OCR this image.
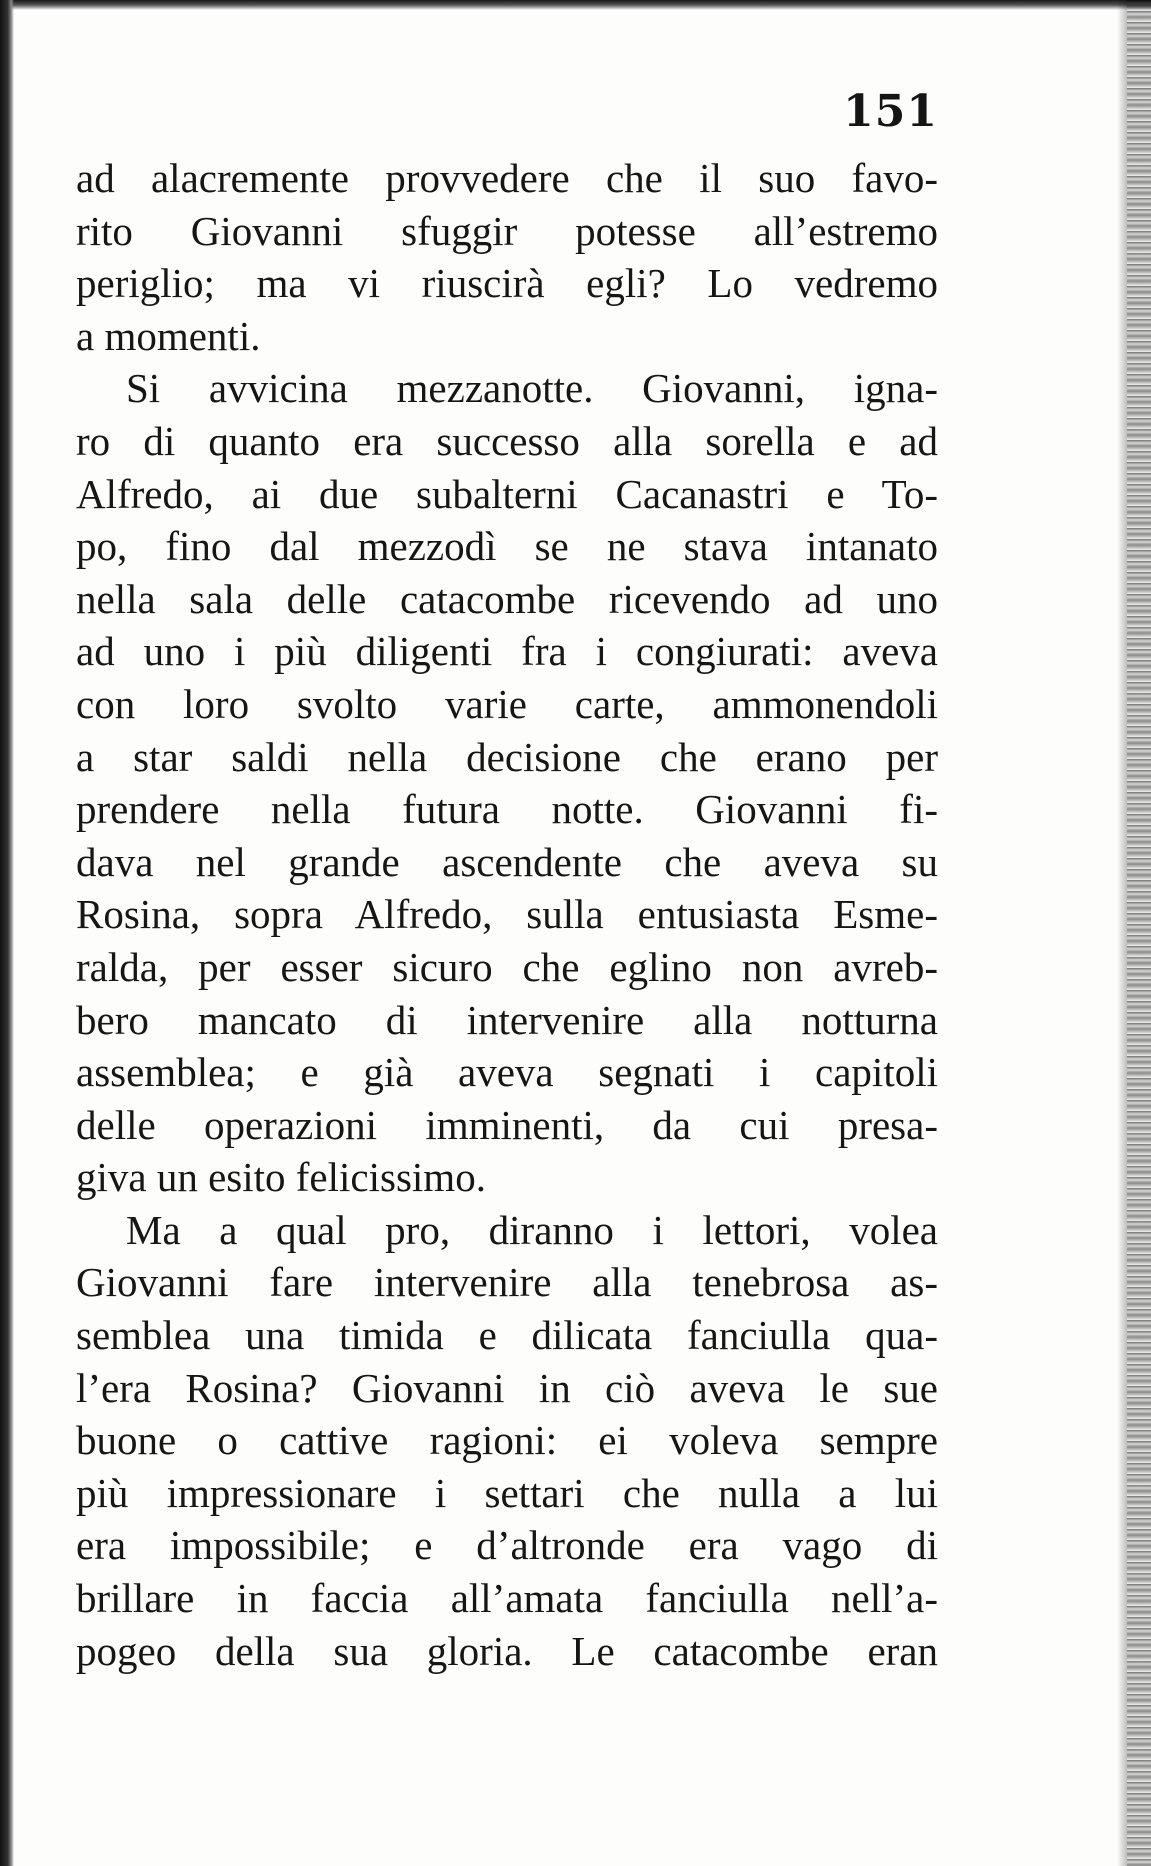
151
ad alacremente provvedere che il suo favo-
rito Giovanni sfuggir potesse all’estremo
periglio; ma vi riuscirà egli? Lo vedremo
a momenti.
Si avvicina mezzanotte. Giovanni, igna-
ro di quanto era successo alla sorella e ad
Alfredo, ai due subalterni Cacanastri e To-
po, fino dal mezzodì se ne stava intanato
nella sala delle catacombe ricevendo ad uno
ad uno i più diligenti fra i congiurati: aveva
con loro svolto varie carte, ammonendoli
a star saldi nella decisione che erano per
prendere nella futura notte. Giovanni fi-
dava nel grande ascendente che aveva su
Rosina, sopra Alfredo, sulla entusiasta Esme-
ralda, per esser sicuro che eglino non avreb-
bero mancato di intervenire alla notturna
assemblea; e già aveva segnati i capitoli
delle operazioni imminenti, da cui presa-
giva un esito felicissimo.
Ma a qual pro, diranno i lettori, volea
Giovanni fare intervenire alla tenebrosa as-
semblea una timida e dilicata fanciulla qua-
l’era Rosina? Giovanni in ciò aveva le sue
buone o cattive ragioni: ei voleva sempre
più impressionare i settari che nulla a lui
era impossibile; e d’altronde era vago di
brillare in faccia all’amata fanciulla nell’a-
pogeo della sua gloria. Le catacombe eran
